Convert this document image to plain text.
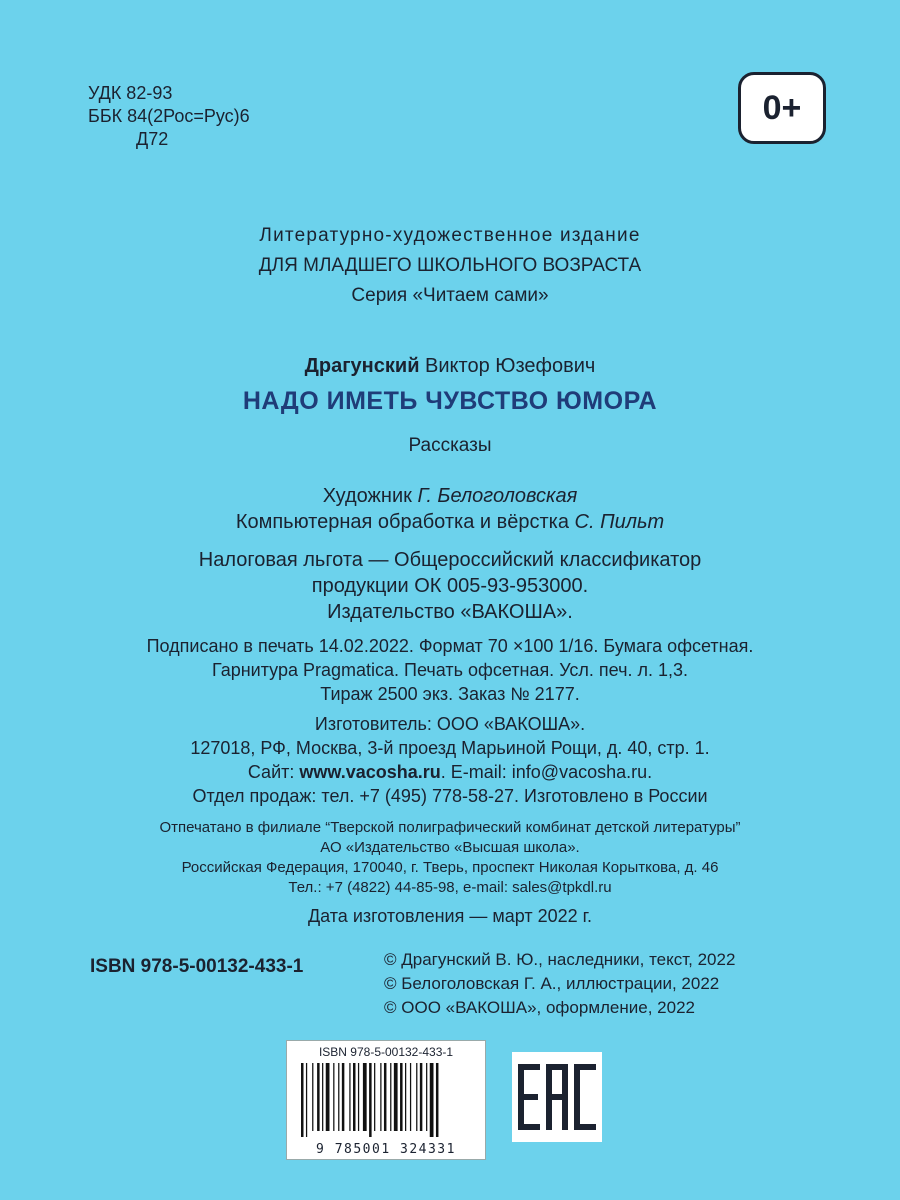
УДК 82-93
ББК 84(2Рос=Рус)6
Д72
0+
Литературно-художественное издание
ДЛЯ МЛАДШЕГО ШКОЛЬНОГО ВОЗРАСТА
Серия «Читаем сами»
Драгунский Виктор Юзефович
НАДО ИМЕТЬ ЧУВСТВО ЮМОРА
Рассказы
Художник Г. Белоголовская
Компьютерная обработка и вёрстка С. Пильт
Налоговая льгота — Общероссийский классификатор
продукции ОК 005-93-953000.
Издательство «ВАКОША».
Подписано в печать 14.02.2022. Формат 70 ×100 1/16. Бумага офсетная.
Гарнитура Pragmatica. Печать офсетная. Усл. печ. л. 1,3.
Тираж 2500 экз. Заказ № 2177.
Изготовитель: ООО «ВАКОША».
127018, РФ, Москва, 3-й проезд Марьиной Рощи, д. 40, стр. 1.
Сайт: www.vacosha.ru. E-mail: info@vacosha.ru.
Отдел продаж: тел. +7 (495) 778-58-27. Изготовлено в России
Отпечатано в филиале “Тверской полиграфический комбинат детской литературы”
АО «Издательство «Высшая школа».
Российская Федерация, 170040, г. Тверь, проспект Николая Корыткова, д. 46
Тел.: +7 (4822) 44-85-98, e-mail: sales@tpkdl.ru
Дата изготовления — март 2022 г.
ISBN 978-5-00132-433-1	© Драгунский В. Ю., наследники, текст, 2022
© Белоголовская Г. А., иллюстрации, 2022
© ООО «ВАКОША», оформление, 2022
ISBN 978-5-00132-433-1
9 785001 324331
